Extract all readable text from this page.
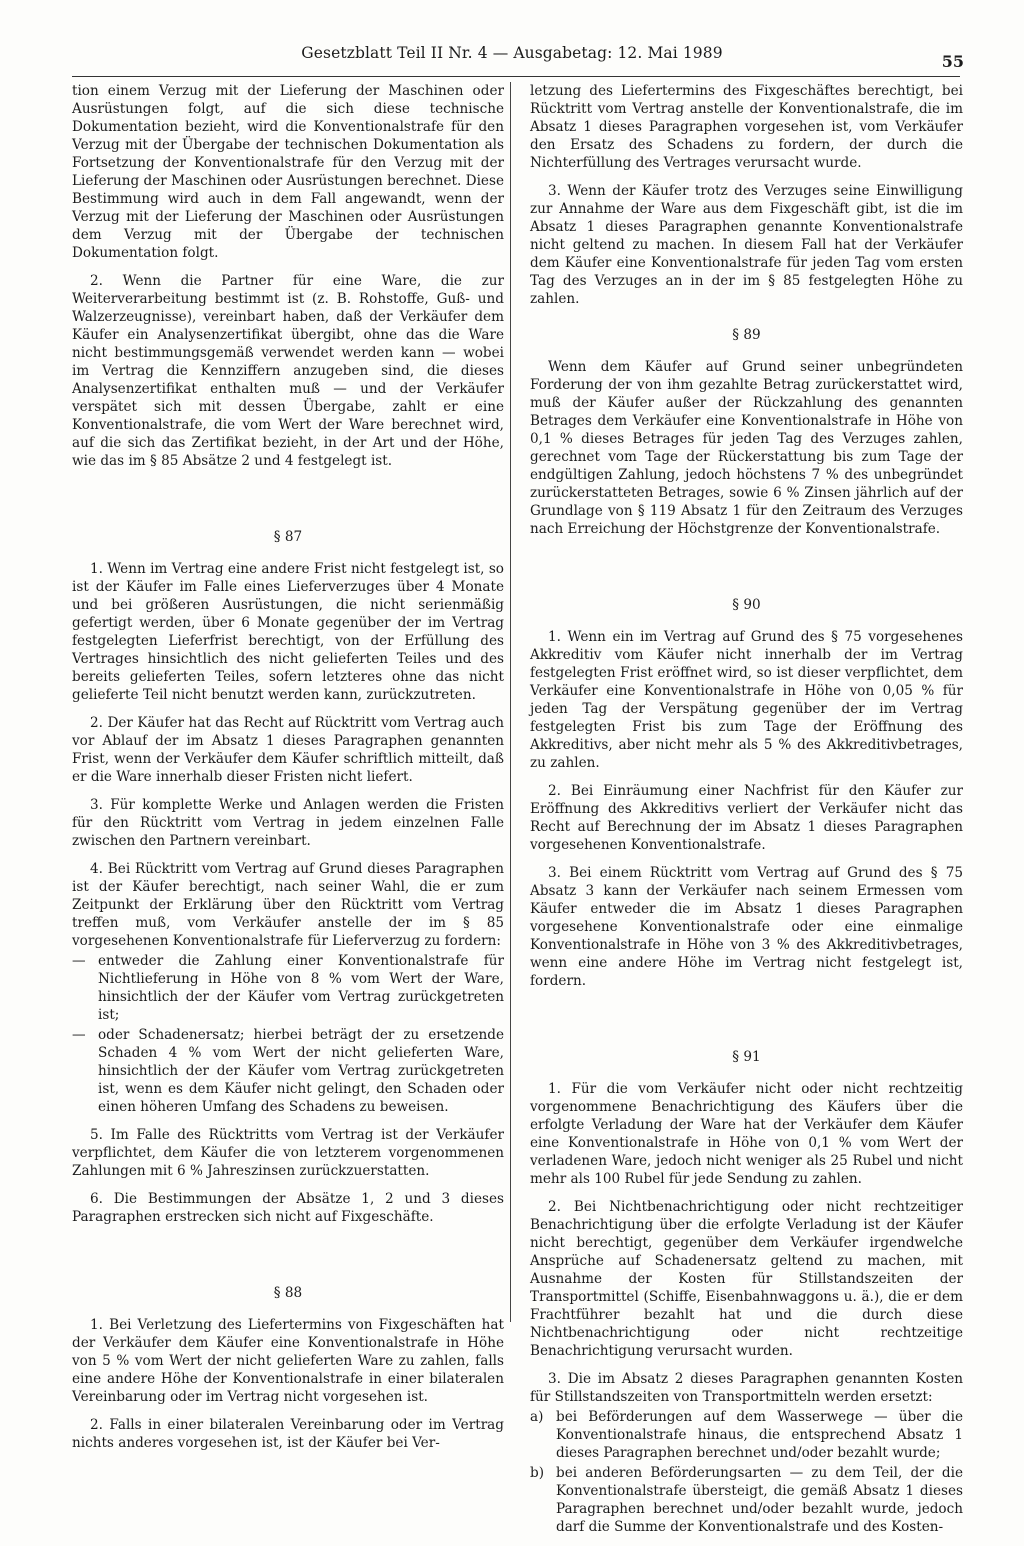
Gesetzblatt Teil II Nr. 4 — Ausgabetag: 12. Mai 1989	55

tion einem Verzug mit der Lieferung der Maschinen oder Ausrüstungen folgt, auf die sich diese technische Dokumentation bezieht, wird die Konventionalstrafe für den Verzug mit der Übergabe der technischen Dokumentation als Fortsetzung der Konventionalstrafe für den Verzug mit der Lieferung der Maschinen oder Ausrüstungen berechnet. Diese Bestimmung wird auch in dem Fall angewandt, wenn der Verzug mit der Lieferung der Maschinen oder Ausrüstungen dem Verzug mit der Übergabe der technischen Dokumentation folgt.

2. Wenn die Partner für eine Ware, die zur Weiterverarbeitung bestimmt ist (z. B. Rohstoffe, Guß- und Walzerzeugnisse), vereinbart haben, daß der Verkäufer dem Käufer ein Analysenzertifikat übergibt, ohne das die Ware nicht bestimmungsgemäß verwendet werden kann — wobei im Vertrag die Kennziffern anzugeben sind, die dieses Analysenzertifikat enthalten muß — und der Verkäufer verspätet sich mit dessen Übergabe, zahlt er eine Konventionalstrafe, die vom Wert der Ware berechnet wird, auf die sich das Zertifikat bezieht, in der Art und der Höhe, wie das im § 85 Absätze 2 und 4 festgelegt ist.

§ 87

1. Wenn im Vertrag eine andere Frist nicht festgelegt ist, so ist der Käufer im Falle eines Lieferverzuges über 4 Monate und bei größeren Ausrüstungen, die nicht serienmäßig gefertigt werden, über 6 Monate gegenüber der im Vertrag festgelegten Lieferfrist berechtigt, von der Erfüllung des Vertrages hinsichtlich des nicht gelieferten Teiles und des bereits gelieferten Teiles, sofern letzteres ohne das nicht gelieferte Teil nicht benutzt werden kann, zurückzutreten.

2. Der Käufer hat das Recht auf Rücktritt vom Vertrag auch vor Ablauf der im Absatz 1 dieses Paragraphen genannten Frist, wenn der Verkäufer dem Käufer schriftlich mitteilt, daß er die Ware innerhalb dieser Fristen nicht liefert.

3. Für komplette Werke und Anlagen werden die Fristen für den Rücktritt vom Vertrag in jedem einzelnen Falle zwischen den Partnern vereinbart.

4. Bei Rücktritt vom Vertrag auf Grund dieses Paragraphen ist der Käufer berechtigt, nach seiner Wahl, die er zum Zeitpunkt der Erklärung über den Rücktritt vom Vertrag treffen muß, vom Verkäufer anstelle der im § 85 vorgesehenen Konventionalstrafe für Lieferverzug zu fordern:

— entweder die Zahlung einer Konventionalstrafe für Nichtlieferung in Höhe von 8 % vom Wert der Ware, hinsichtlich der der Käufer vom Vertrag zurückgetreten ist;
— oder Schadenersatz; hierbei beträgt der zu ersetzende Schaden 4 % vom Wert der nicht gelieferten Ware, hinsichtlich der der Käufer vom Vertrag zurückgetreten ist, wenn es dem Käufer nicht gelingt, den Schaden oder einen höheren Umfang des Schadens zu beweisen.

5. Im Falle des Rücktritts vom Vertrag ist der Verkäufer verpflichtet, dem Käufer die von letzterem vorgenommenen Zahlungen mit 6 % Jahreszinsen zurückzuerstatten.

6. Die Bestimmungen der Absätze 1, 2 und 3 dieses Paragraphen erstrecken sich nicht auf Fixgeschäfte.

§ 88

1. Bei Verletzung des Liefertermins von Fixgeschäften hat der Verkäufer dem Käufer eine Konventionalstrafe in Höhe von 5 % vom Wert der nicht gelieferten Ware zu zahlen, falls eine andere Höhe der Konventionalstrafe in einer bilateralen Vereinbarung oder im Vertrag nicht vorgesehen ist.

2. Falls in einer bilateralen Vereinbarung oder im Vertrag nichts anderes vorgesehen ist, ist der Käufer bei Ver-

letzung des Liefertermins des Fixgeschäftes berechtigt, bei Rücktritt vom Vertrag anstelle der Konventionalstrafe, die im Absatz 1 dieses Paragraphen vorgesehen ist, vom Verkäufer den Ersatz des Schadens zu fordern, der durch die Nichterfüllung des Vertrages verursacht wurde.

3. Wenn der Käufer trotz des Verzuges seine Einwilligung zur Annahme der Ware aus dem Fixgeschäft gibt, ist die im Absatz 1 dieses Paragraphen genannte Konventionalstrafe nicht geltend zu machen. In diesem Fall hat der Verkäufer dem Käufer eine Konventionalstrafe für jeden Tag vom ersten Tag des Verzuges an in der im § 85 festgelegten Höhe zu zahlen.

§ 89

Wenn dem Käufer auf Grund seiner unbegründeten Forderung der von ihm gezahlte Betrag zurückerstattet wird, muß der Käufer außer der Rückzahlung des genannten Betrages dem Verkäufer eine Konventionalstrafe in Höhe von 0,1 % dieses Betrages für jeden Tag des Verzuges zahlen, gerechnet vom Tage der Rückerstattung bis zum Tage der endgültigen Zahlung, jedoch höchstens 7 % des unbegründet zurückerstatteten Betrages, sowie 6 % Zinsen jährlich auf der Grundlage von § 119 Absatz 1 für den Zeitraum des Verzuges nach Erreichung der Höchstgrenze der Konventionalstrafe.

§ 90

1. Wenn ein im Vertrag auf Grund des § 75 vorgesehenes Akkreditiv vom Käufer nicht innerhalb der im Vertrag festgelegten Frist eröffnet wird, so ist dieser verpflichtet, dem Verkäufer eine Konventionalstrafe in Höhe von 0,05 % für jeden Tag der Verspätung gegenüber der im Vertrag festgelegten Frist bis zum Tage der Eröffnung des Akkreditivs, aber nicht mehr als 5 % des Akkreditivbetrages, zu zahlen.

2. Bei Einräumung einer Nachfrist für den Käufer zur Eröffnung des Akkreditivs verliert der Verkäufer nicht das Recht auf Berechnung der im Absatz 1 dieses Paragraphen vorgesehenen Konventionalstrafe.

3. Bei einem Rücktritt vom Vertrag auf Grund des § 75 Absatz 3 kann der Verkäufer nach seinem Ermessen vom Käufer entweder die im Absatz 1 dieses Paragraphen vorgesehene Konventionalstrafe oder eine einmalige Konventionalstrafe in Höhe von 3 % des Akkreditivbetrages, wenn eine andere Höhe im Vertrag nicht festgelegt ist, fordern.

§ 91

1. Für die vom Verkäufer nicht oder nicht rechtzeitig vorgenommene Benachrichtigung des Käufers über die erfolgte Verladung der Ware hat der Verkäufer dem Käufer eine Konventionalstrafe in Höhe von 0,1 % vom Wert der verladenen Ware, jedoch nicht weniger als 25 Rubel und nicht mehr als 100 Rubel für jede Sendung zu zahlen.

2. Bei Nichtbenachrichtigung oder nicht rechtzeitiger Benachrichtigung über die erfolgte Verladung ist der Käufer nicht berechtigt, gegenüber dem Verkäufer irgendwelche Ansprüche auf Schadenersatz geltend zu machen, mit Ausnahme der Kosten für Stillstandszeiten der Transportmittel (Schiffe, Eisenbahnwaggons u. ä.), die er dem Frachtführer bezahlt hat und die durch diese Nichtbenachrichtigung oder nicht rechtzeitige Benachrichtigung verursacht wurden.

3. Die im Absatz 2 dieses Paragraphen genannten Kosten für Stillstandszeiten von Transportmitteln werden ersetzt:

a) bei Beförderungen auf dem Wasserwege — über die Konventionalstrafe hinaus, die entsprechend Absatz 1 dieses Paragraphen berechnet und/oder bezahlt wurde;
b) bei anderen Beförderungsarten — zu dem Teil, der die Konventionalstrafe übersteigt, die gemäß Absatz 1 dieses Paragraphen berechnet und/oder bezahlt wurde, jedoch darf die Summe der Konventionalstrafe und des Kosten-
